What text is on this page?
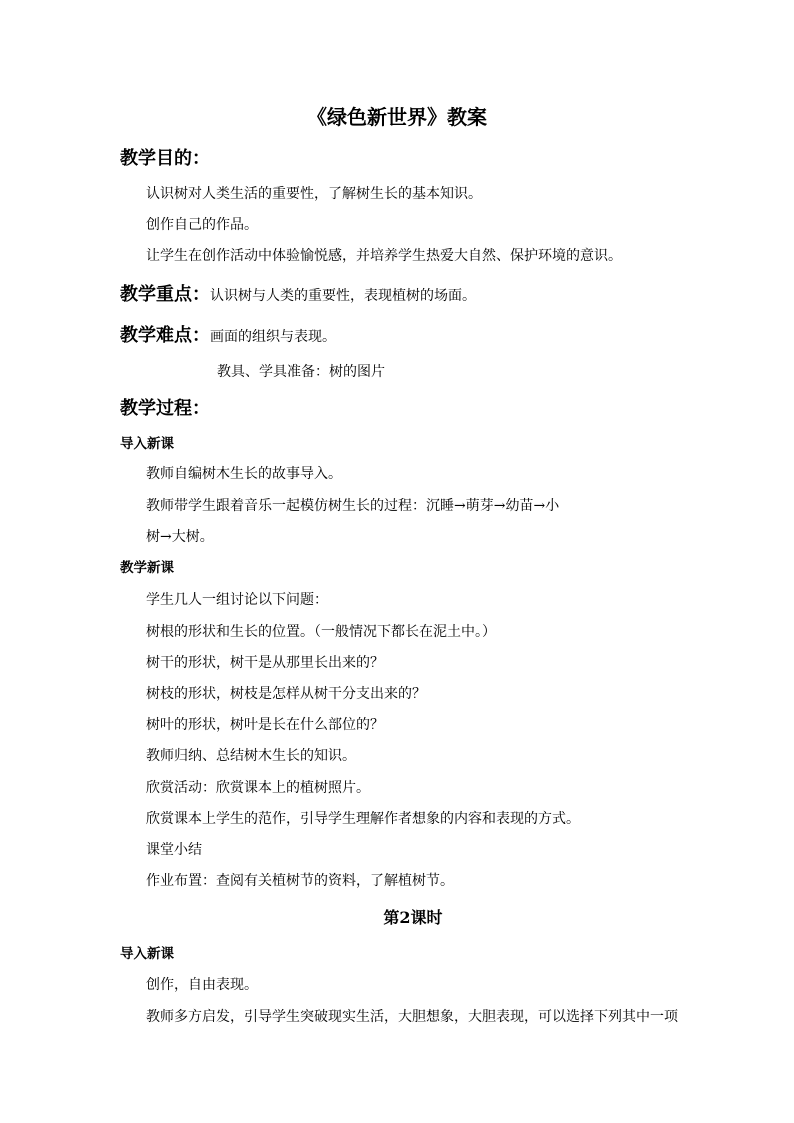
《绿色新世界》教案
教学目的：
认识树对人类生活的重要性，了解树生长的基本知识。
创作自己的作品。
让学生在创作活动中体验愉悦感，并培养学生热爱大自然、保护环境的意识。
教学重点：认识树与人类的重要性，表现植树的场面。
教学难点：画面的组织与表现。
教具、学具准备：树的图片
教学过程：
导入新课
教师自编树木生长的故事导入。
教师带学生跟着音乐一起模仿树生长的过程：沉睡→萌芽→幼苗→小
树→大树。
教学新课
学生几人一组讨论以下问题：
树根的形状和生长的位置。（一般情况下都长在泥土中。）
树干的形状，树干是从那里长出来的？
树枝的形状，树枝是怎样从树干分支出来的？
树叶的形状，树叶是长在什么部位的？
教师归纳、总结树木生长的知识。
欣赏活动：欣赏课本上的植树照片。
欣赏课本上学生的范作，引导学生理解作者想象的内容和表现的方式。
课堂小结
作业布置：查阅有关植树节的资料，了解植树节。
第2课时
导入新课
创作，自由表现。
教师多方启发，引导学生突破现实生活，大胆想象，大胆表现，可以选择下列其中一项
